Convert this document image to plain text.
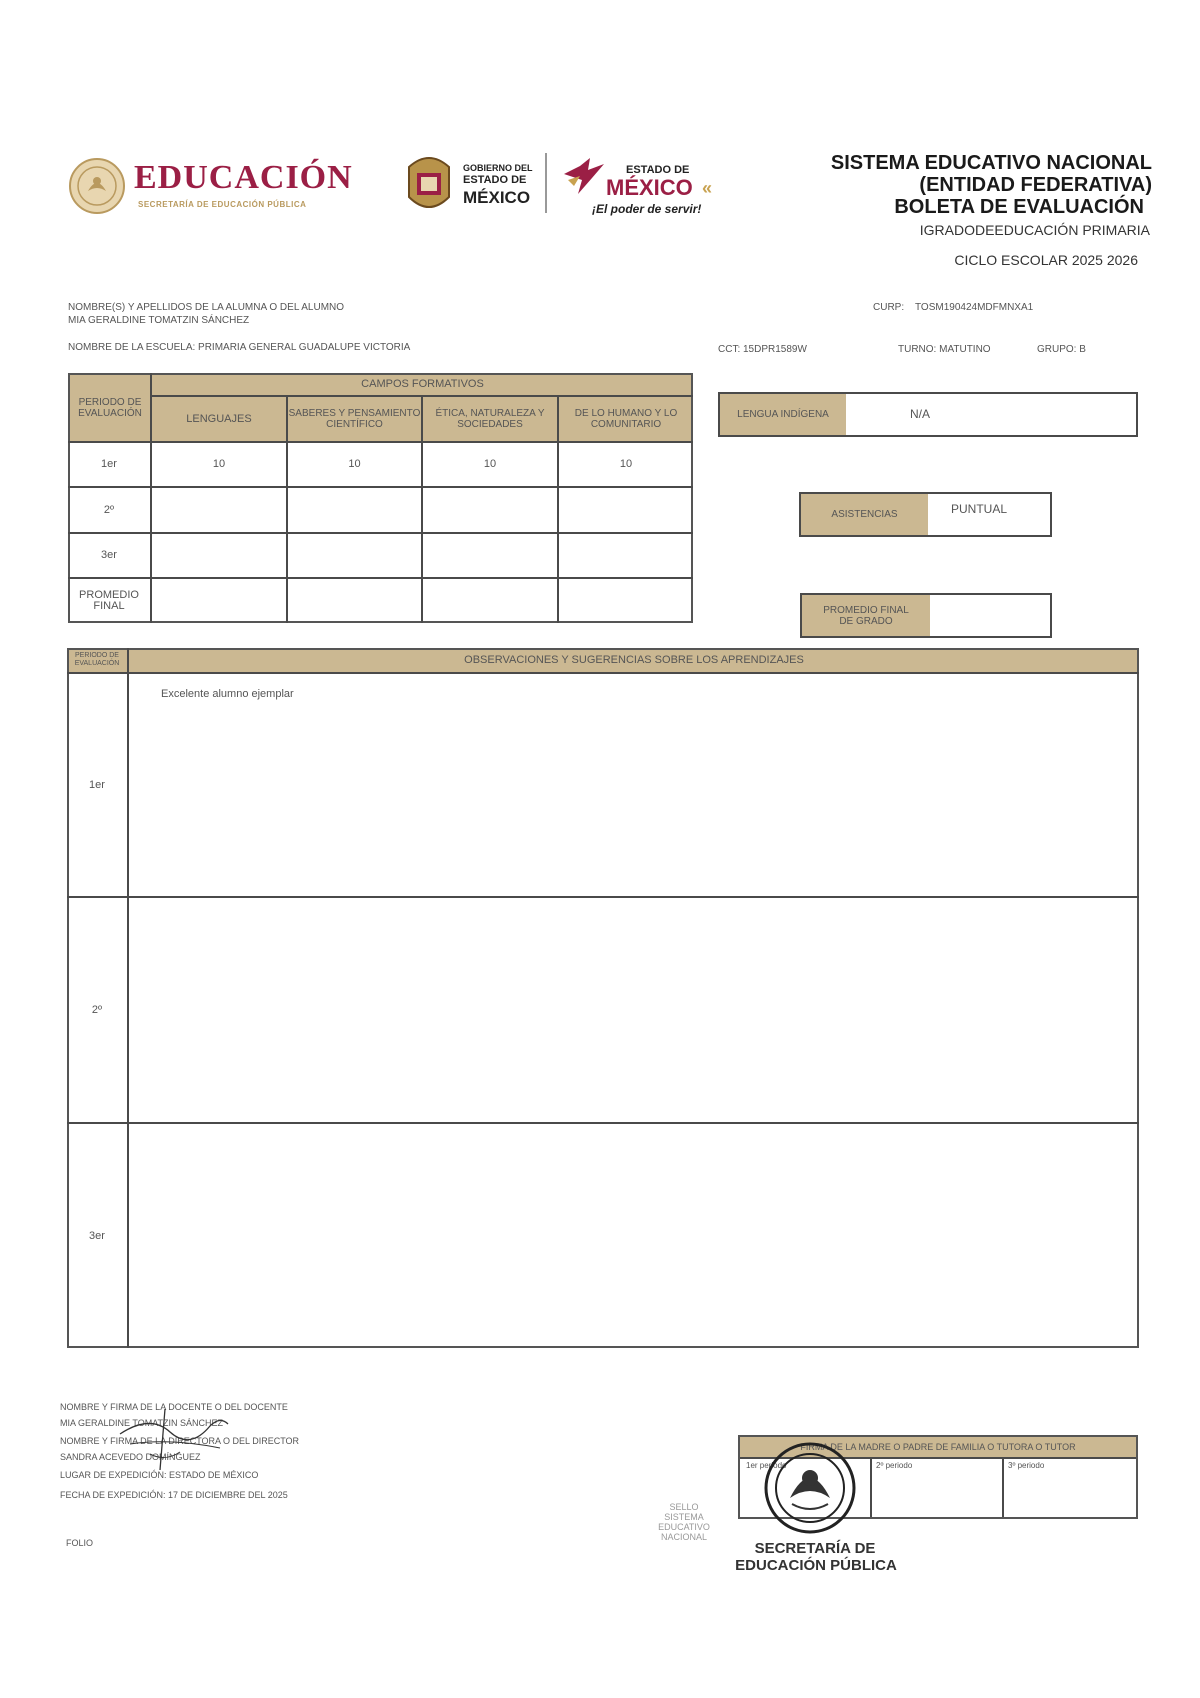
EDUCACIÓN
SECRETARÍA DE EDUCACIÓN PÚBLICA
GOBIERNO DEL
ESTADO DE
MÉXICO
ESTADO DE
MÉXICO «
¡El poder de servir!
SISTEMA EDUCATIVO NACIONAL
(ENTIDAD FEDERATIVA)
BOLETA DE EVALUACIÓN
IGRADODEEDUCACIÓN PRIMARIA
CICLO ESCOLAR 2025 2026
NOMBRE(S) Y APELLIDOS DE LA ALUMNA O DEL ALUMNO
MIA GERALDINE TOMATZIN SÁNCHEZ
CURP: TOSM190424MDFMNXA1
NOMBRE DE LA ESCUELA: PRIMARIA GENERAL GUADALUPE VICTORIA	CCT: 15DPR1589W	TURNO: MATUTINO	GRUPO: B
PERIODO DE EVALUACIÓN
CAMPOS FORMATIVOS
LENGUAJES	SABERES Y PENSAMIENTO CIENTÍFICO
ÉTICA, NATURALEZA Y SOCIEDADES
DE LO HUMANO Y LO COMUNITARIO
1er	10	10	10	10
2º
3er
PROMEDIO FINAL
LENGUA INDÍGENA	N/A
ASISTENCIAS	PUNTUAL
PROMEDIO FINAL DE GRADO
PERIODO DE EVALUACIÓN	OBSERVACIONES Y SUGERENCIAS SOBRE LOS APRENDIZAJES
1er
Excelente alumno ejemplar
2º
3er
NOMBRE Y FIRMA DE LA DOCENTE O DEL DOCENTE
MIA GERALDINE TOMATZIN SÁNCHEZ
NOMBRE Y FIRMA DE LA DIRECTORA O DEL DIRECTOR
SANDRA ACEVEDO DOMÍNGUEZ
LUGAR DE EXPEDICIÓN: ESTADO DE MÉXICO
FECHA DE EXPEDICIÓN: 17 DE DICIEMBRE DEL 2025
FOLIO
SELLO SISTEMA EDUCATIVO NACIONAL
FIRMA DE LA MADRE O PADRE DE FAMILIA O TUTORA O TUTOR
1er periodo	2º periodo	3º periodo
SECRETARÍA DE
EDUCACIÓN PÚBLICA
